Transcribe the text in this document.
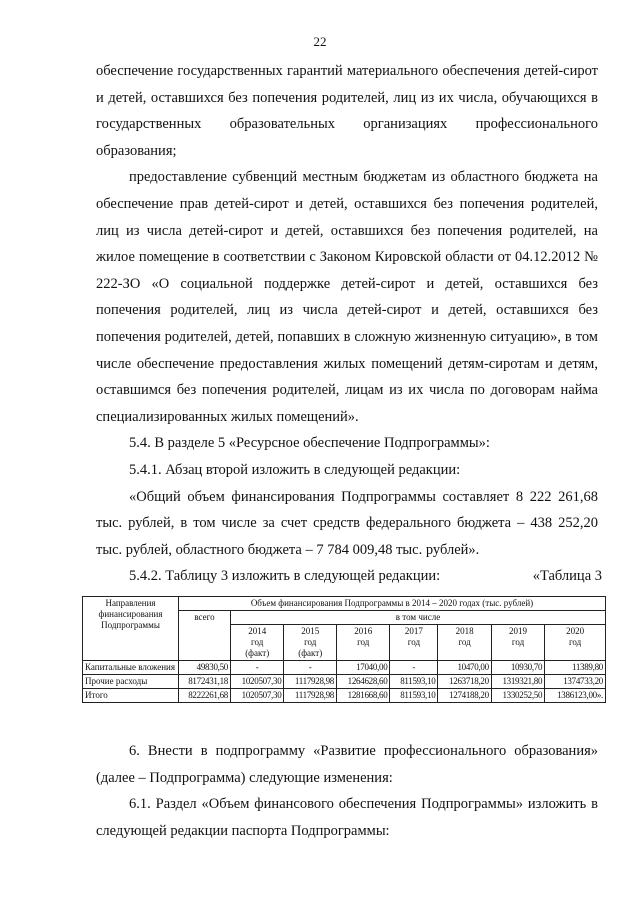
22

обеспечение государственных гарантий материального обеспечения детей-сирот и детей, оставшихся без попечения родителей, лиц из их числа, обучающихся в государственных образовательных организациях профессионального образования;

предоставление субвенций местным бюджетам из областного бюджета на обеспечение прав детей-сирот и детей, оставшихся без попечения родителей, лиц из числа детей-сирот и детей, оставшихся без попечения родителей, на жилое помещение в соответствии с Законом Кировской области от 04.12.2012 № 222-ЗО «О социальной поддержке детей-сирот и детей, оставшихся без попечения родителей, лиц из числа детей-сирот и детей, оставшихся без попечения родителей, детей, попавших в сложную жизненную ситуацию», в том числе обеспечение предоставления жилых помещений детям-сиротам и детям, оставшимся без попечения родителей, лицам из их числа по договорам найма специализированных жилых помещений».

5.4. В разделе 5 «Ресурсное обеспечение Подпрограммы»:

5.4.1. Абзац второй изложить в следующей редакции:

«Общий объем финансирования Подпрограммы составляет 8 222 261,68 тыс. рублей, в том числе за счет средств федерального бюджета – 438 252,20 тыс. рублей, областного бюджета – 7 784 009,48 тыс. рублей».

5.4.2. Таблицу 3 изложить в следующей редакции:	«Таблица 3
Направления финансирования Подпрограммы	Объем финансирования Подпрограммы в 2014 – 2020 годах (тыс. рублей)							
	всего	в том числе						
		2014
год
(факт)	2015
год
(факт)	2016
год	2017
год	2018
год	2019
год	2020
год
Капитальные вложения	49830,50	-	-	17040,00	-	10470,00	10930,70	11389,80
Прочие расходы	8172431,18	1020507,30	1117928,98	1264628,60	811593,10	1263718,20	1319321,80	1374733,20
Итого	8222261,68	1020507,30	1117928,98	1281668,60	811593,10	1274188,20	1330252,50	1386123,00».

6. Внести в подпрограмму «Развитие профессионального образования» (далее – Подпрограмма) следующие изменения:

6.1. Раздел «Объем финансового обеспечения Подпрограммы» изложить в следующей редакции паспорта Подпрограммы:
